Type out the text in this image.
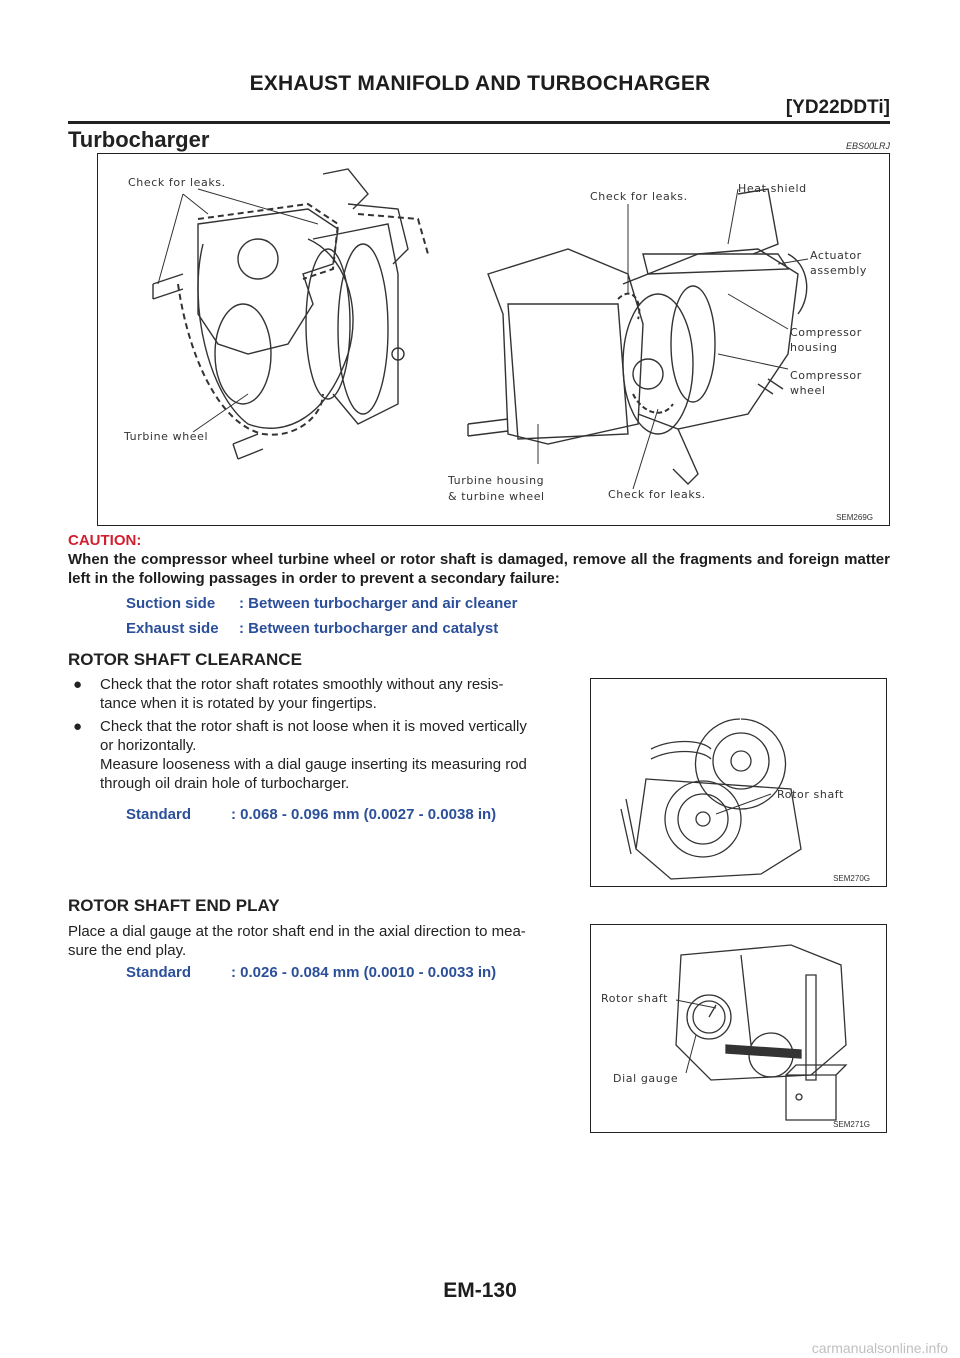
EXHAUST MANIFOLD AND TURBOCHARGER
[YD22DDTi]
Turbocharger	EBS00LRJ
Check for leaks.
Check for leaks.
Heat shield
Actuator
assembly
Compressor
housing
Compressor
wheel
Turbine wheel
Turbine housing
& turbine wheel	Check for leaks.
SEM269G
CAUTION:
When the compressor wheel turbine wheel or rotor shaft is damaged, remove all the fragments and foreign matter left in the following passages in order to prevent a secondary failure:
Suction side : Between turbocharger and air cleaner
Exhaust side : Between turbocharger and catalyst
ROTOR SHAFT CLEARANCE
● Check that the rotor shaft rotates smoothly without any resis-
tance when it is rotated by your fingertips.
● Check that the rotor shaft is not loose when it is moved vertically
or horizontally.
Measure looseness with a dial gauge inserting its measuring rod
through oil drain hole of turbocharger.
Standard	: 0.068 - 0.096 mm (0.0027 - 0.0038 in)
Rotor shaft
SEM270G
ROTOR SHAFT END PLAY
Place a dial gauge at the rotor shaft end in the axial direction to mea-
sure the end play.
Standard	: 0.026 - 0.084 mm (0.0010 - 0.0033 in)
Rotor shaft
Dial gauge
SEM271G
EM-130
carmanualsonline.info
